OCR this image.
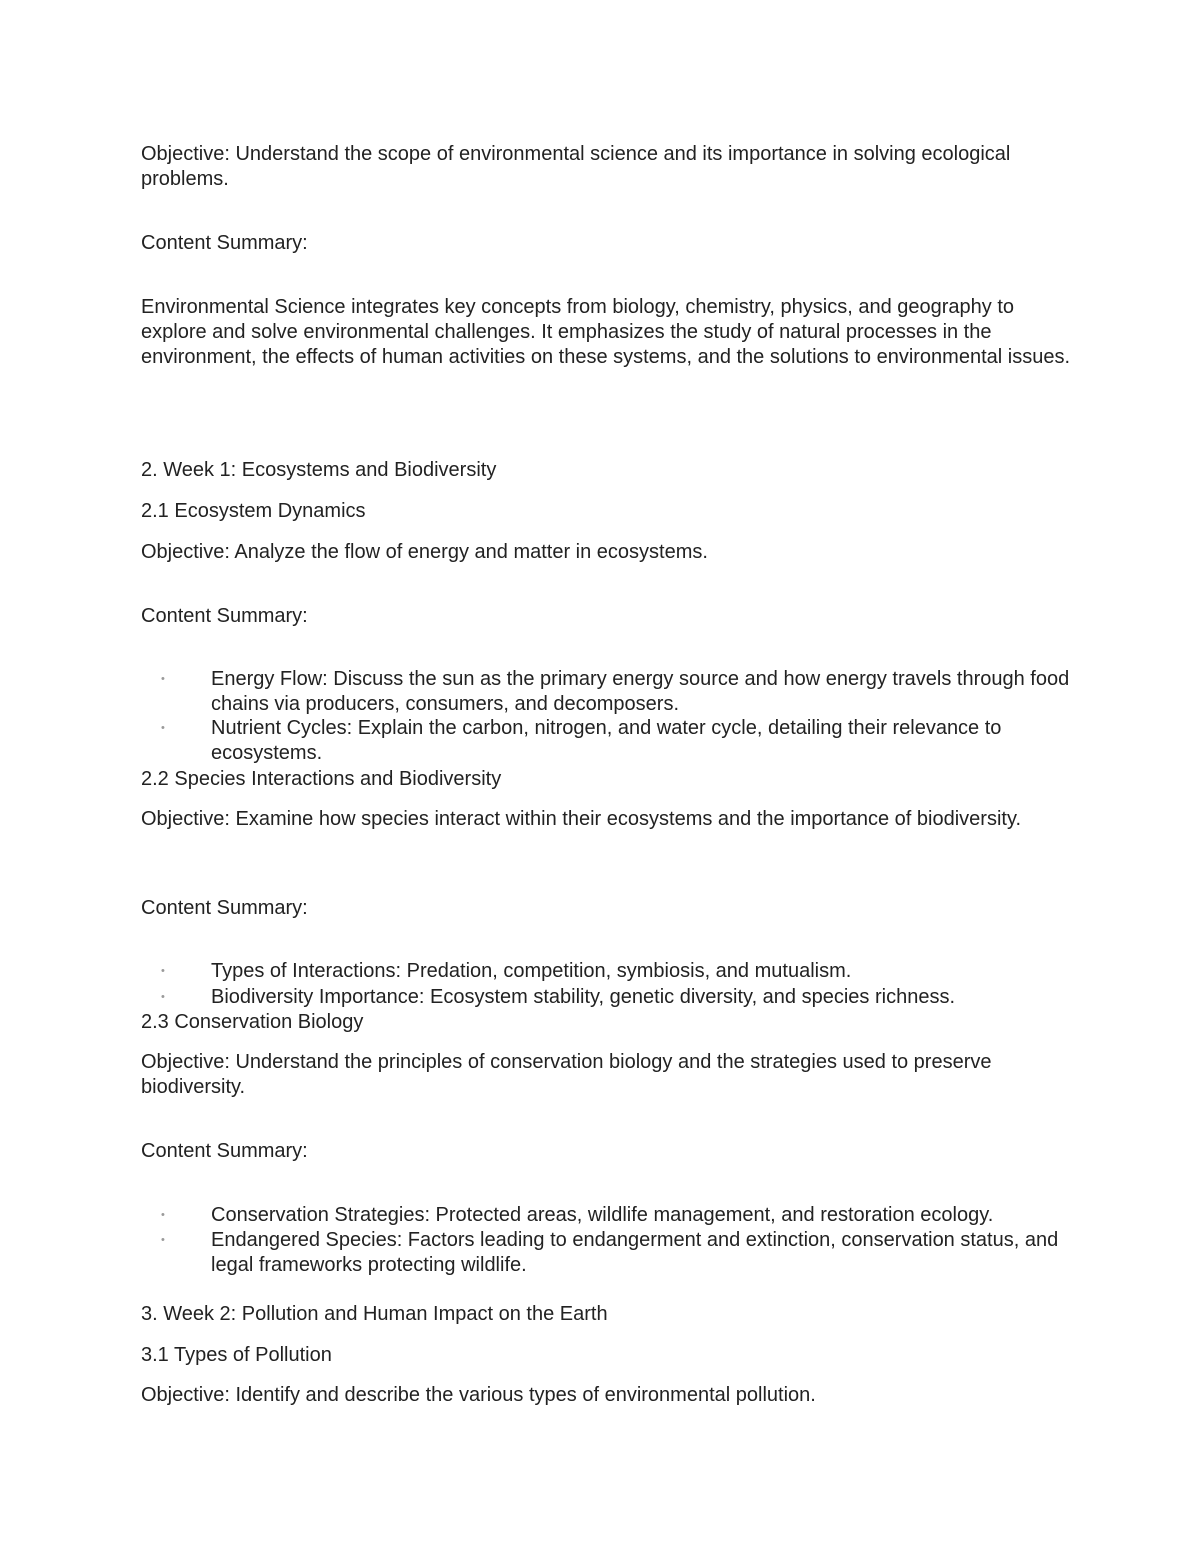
Objective: Understand the scope of environmental science and its importance in solving ecological problems.

Content Summary:

Environmental Science integrates key concepts from biology, chemistry, physics, and geography to explore and solve environmental challenges. It emphasizes the study of natural processes in the environment, the effects of human activities on these systems, and the solutions to environmental issues.

2. Week 1: Ecosystems and Biodiversity

2.1 Ecosystem Dynamics

Objective: Analyze the flow of energy and matter in ecosystems.

Content Summary:

• Energy Flow: Discuss the sun as the primary energy source and how energy travels through food chains via producers, consumers, and decomposers.

• Nutrient Cycles: Explain the carbon, nitrogen, and water cycle, detailing their relevance to ecosystems.

2.2 Species Interactions and Biodiversity

Objective: Examine how species interact within their ecosystems and the importance of biodiversity.

Content Summary:

• Types of Interactions: Predation, competition, symbiosis, and mutualism.

• Biodiversity Importance: Ecosystem stability, genetic diversity, and species richness.

2.3 Conservation Biology

Objective: Understand the principles of conservation biology and the strategies used to preserve biodiversity.

Content Summary:

• Conservation Strategies: Protected areas, wildlife management, and restoration ecology.

• Endangered Species: Factors leading to endangerment and extinction, conservation status, and legal frameworks protecting wildlife.

3. Week 2: Pollution and Human Impact on the Earth

3.1 Types of Pollution

Objective: Identify and describe the various types of environmental pollution.
